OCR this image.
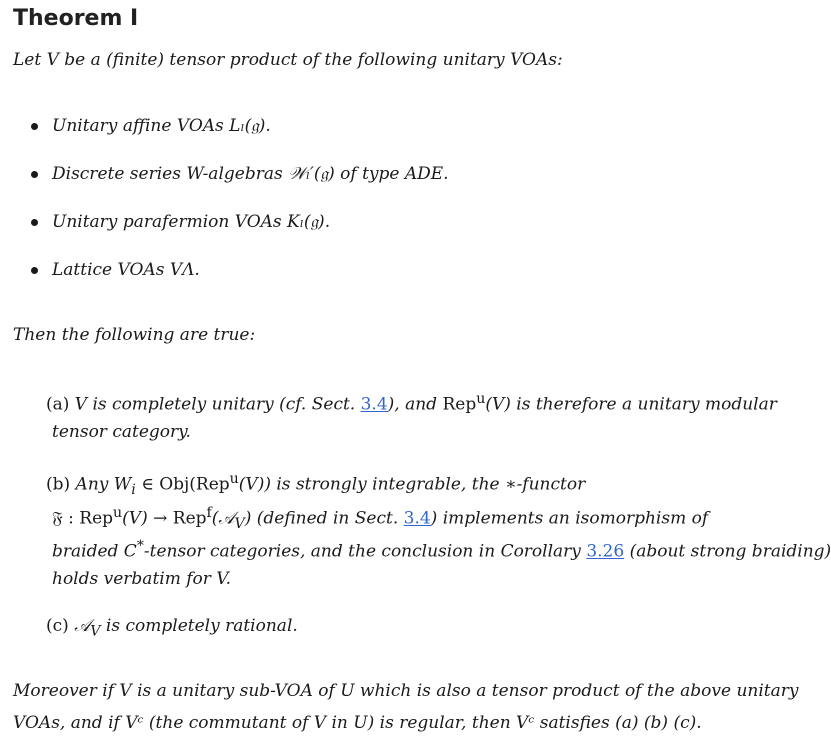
Theorem I
Let V be a (finite) tensor product of the following unitary VOAs:
Unitary affine VOAs Lₗ(𝔤).
Discrete series W-algebras 𝒲ₗ′(𝔤) of type ADE.
Unitary parafermion VOAs Kₗ(𝔤).
Lattice VOAs VΛ.
Then the following are true:
(a) V is completely unitary (cf. Sect. 3.4), and Rep$^u$(V) is therefore a unitary modular
tensor category.
(b) Any $W_i$ ∈ Obj(Rep$^u$(V)) is strongly integrable, the ∗-functor
𝔉 : Rep$^u$(V) → Rep$^f$(𝒜$_V$) (defined in Sect. 3.4) implements an isomorphism of
braided C*-tensor categories, and the conclusion in Corollary 3.26 (about strong braiding)
holds verbatim for V.
(c) 𝒜$_V$ is completely rational.
Moreover if V is a unitary sub-VOA of U which is also a tensor product of the above unitary
VOAs, and if Vᶜ (the commutant of V in U) is regular, then Vᶜ satisfies (a) (b) (c).
